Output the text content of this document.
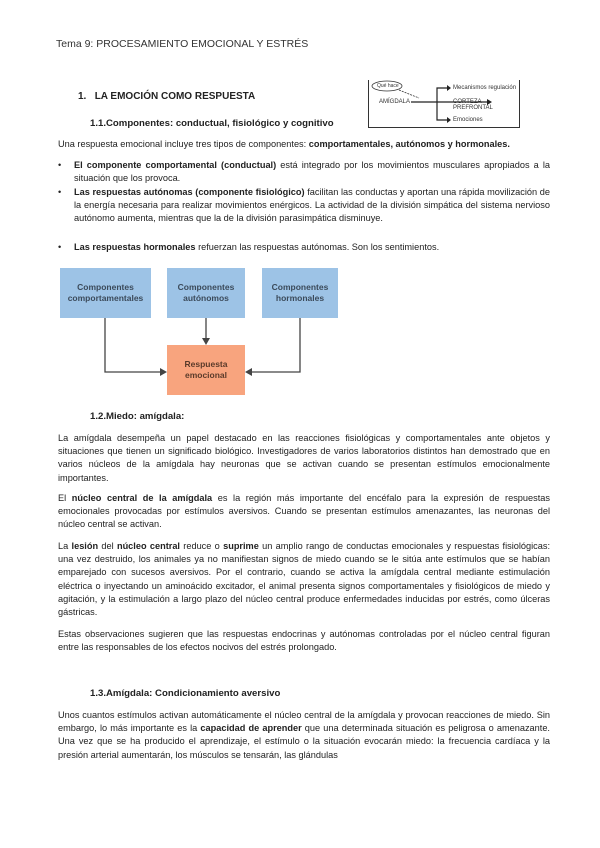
Tema 9: PROCESAMIENTO EMOCIONAL Y ESTRÉS
1. LA EMOCIÓN COMO RESPUESTA
Qué hace
AMÍGDALA
Mecanismos regulación
CORTEZA PREFRONTAL
Emociones
1.1.Componentes: conductual, fisiológico y cognitivo

Una respuesta emocional incluye tres tipos de componentes: comportamentales, autónomos y hormonales.

• El componente comportamental (conductual) está integrado por los movimientos musculares apropiados a la situación que los provoca.
• Las respuestas autónomas (componente fisiológico) facilitan las conductas y aportan una rápida movilización de la energía necesaria para realizar movimientos enérgicos. La actividad de la división simpática del sistema nervioso autónomo aumenta, mientras que la de la división parasimpática disminuye.
• Las respuestas hormonales refuerzan las respuestas autónomas. Son los sentimientos.
Componentes comportamentales
Componentes autónomos
Componentes hormonales
Respuesta emocional
1.2.Miedo: amígdala:

La amígdala desempeña un papel destacado en las reacciones fisiológicas y comportamentales ante objetos y situaciones que tienen un significado biológico. Investigadores de varios laboratorios distintos han demostrado que en varios núcleos de la amígdala hay neuronas que se activan cuando se presentan estímulos emocionalmente importantes.

El núcleo central de la amígdala es la región más importante del encéfalo para la expresión de respuestas emocionales provocadas por estímulos aversivos. Cuando se presentan estímulos amenazantes, las neuronas del núcleo central se activan.

La lesión del núcleo central reduce o suprime un amplio rango de conductas emocionales y respuestas fisiológicas: una vez destruido, los animales ya no manifiestan signos de miedo cuando se le sitúa ante estímulos que se habían emparejado con sucesos aversivos. Por el contrario, cuando se activa la amígdala central mediante estimulación eléctrica o inyectando un aminoácido excitador, el animal presenta signos comportamentales y fisiológicos de miedo y agitación, y la estimulación a largo plazo del núcleo central produce enfermedades inducidas por estrés, como úlceras gástricas.

Estas observaciones sugieren que las respuestas endocrinas y autónomas controladas por el núcleo central figuran entre las responsables de los efectos nocivos del estrés prolongado.

1.3.Amígdala: Condicionamiento aversivo

Unos cuantos estímulos activan automáticamente el núcleo central de la amígdala y provocan reacciones de miedo. Sin embargo, lo más importante es la capacidad de aprender que una determinada situación es peligrosa o amenazante. Una vez que se ha producido el aprendizaje, el estímulo o la situación evocarán miedo: la frecuencia cardíaca y la presión arterial aumentarán, los músculos se tensarán, las glándulas
